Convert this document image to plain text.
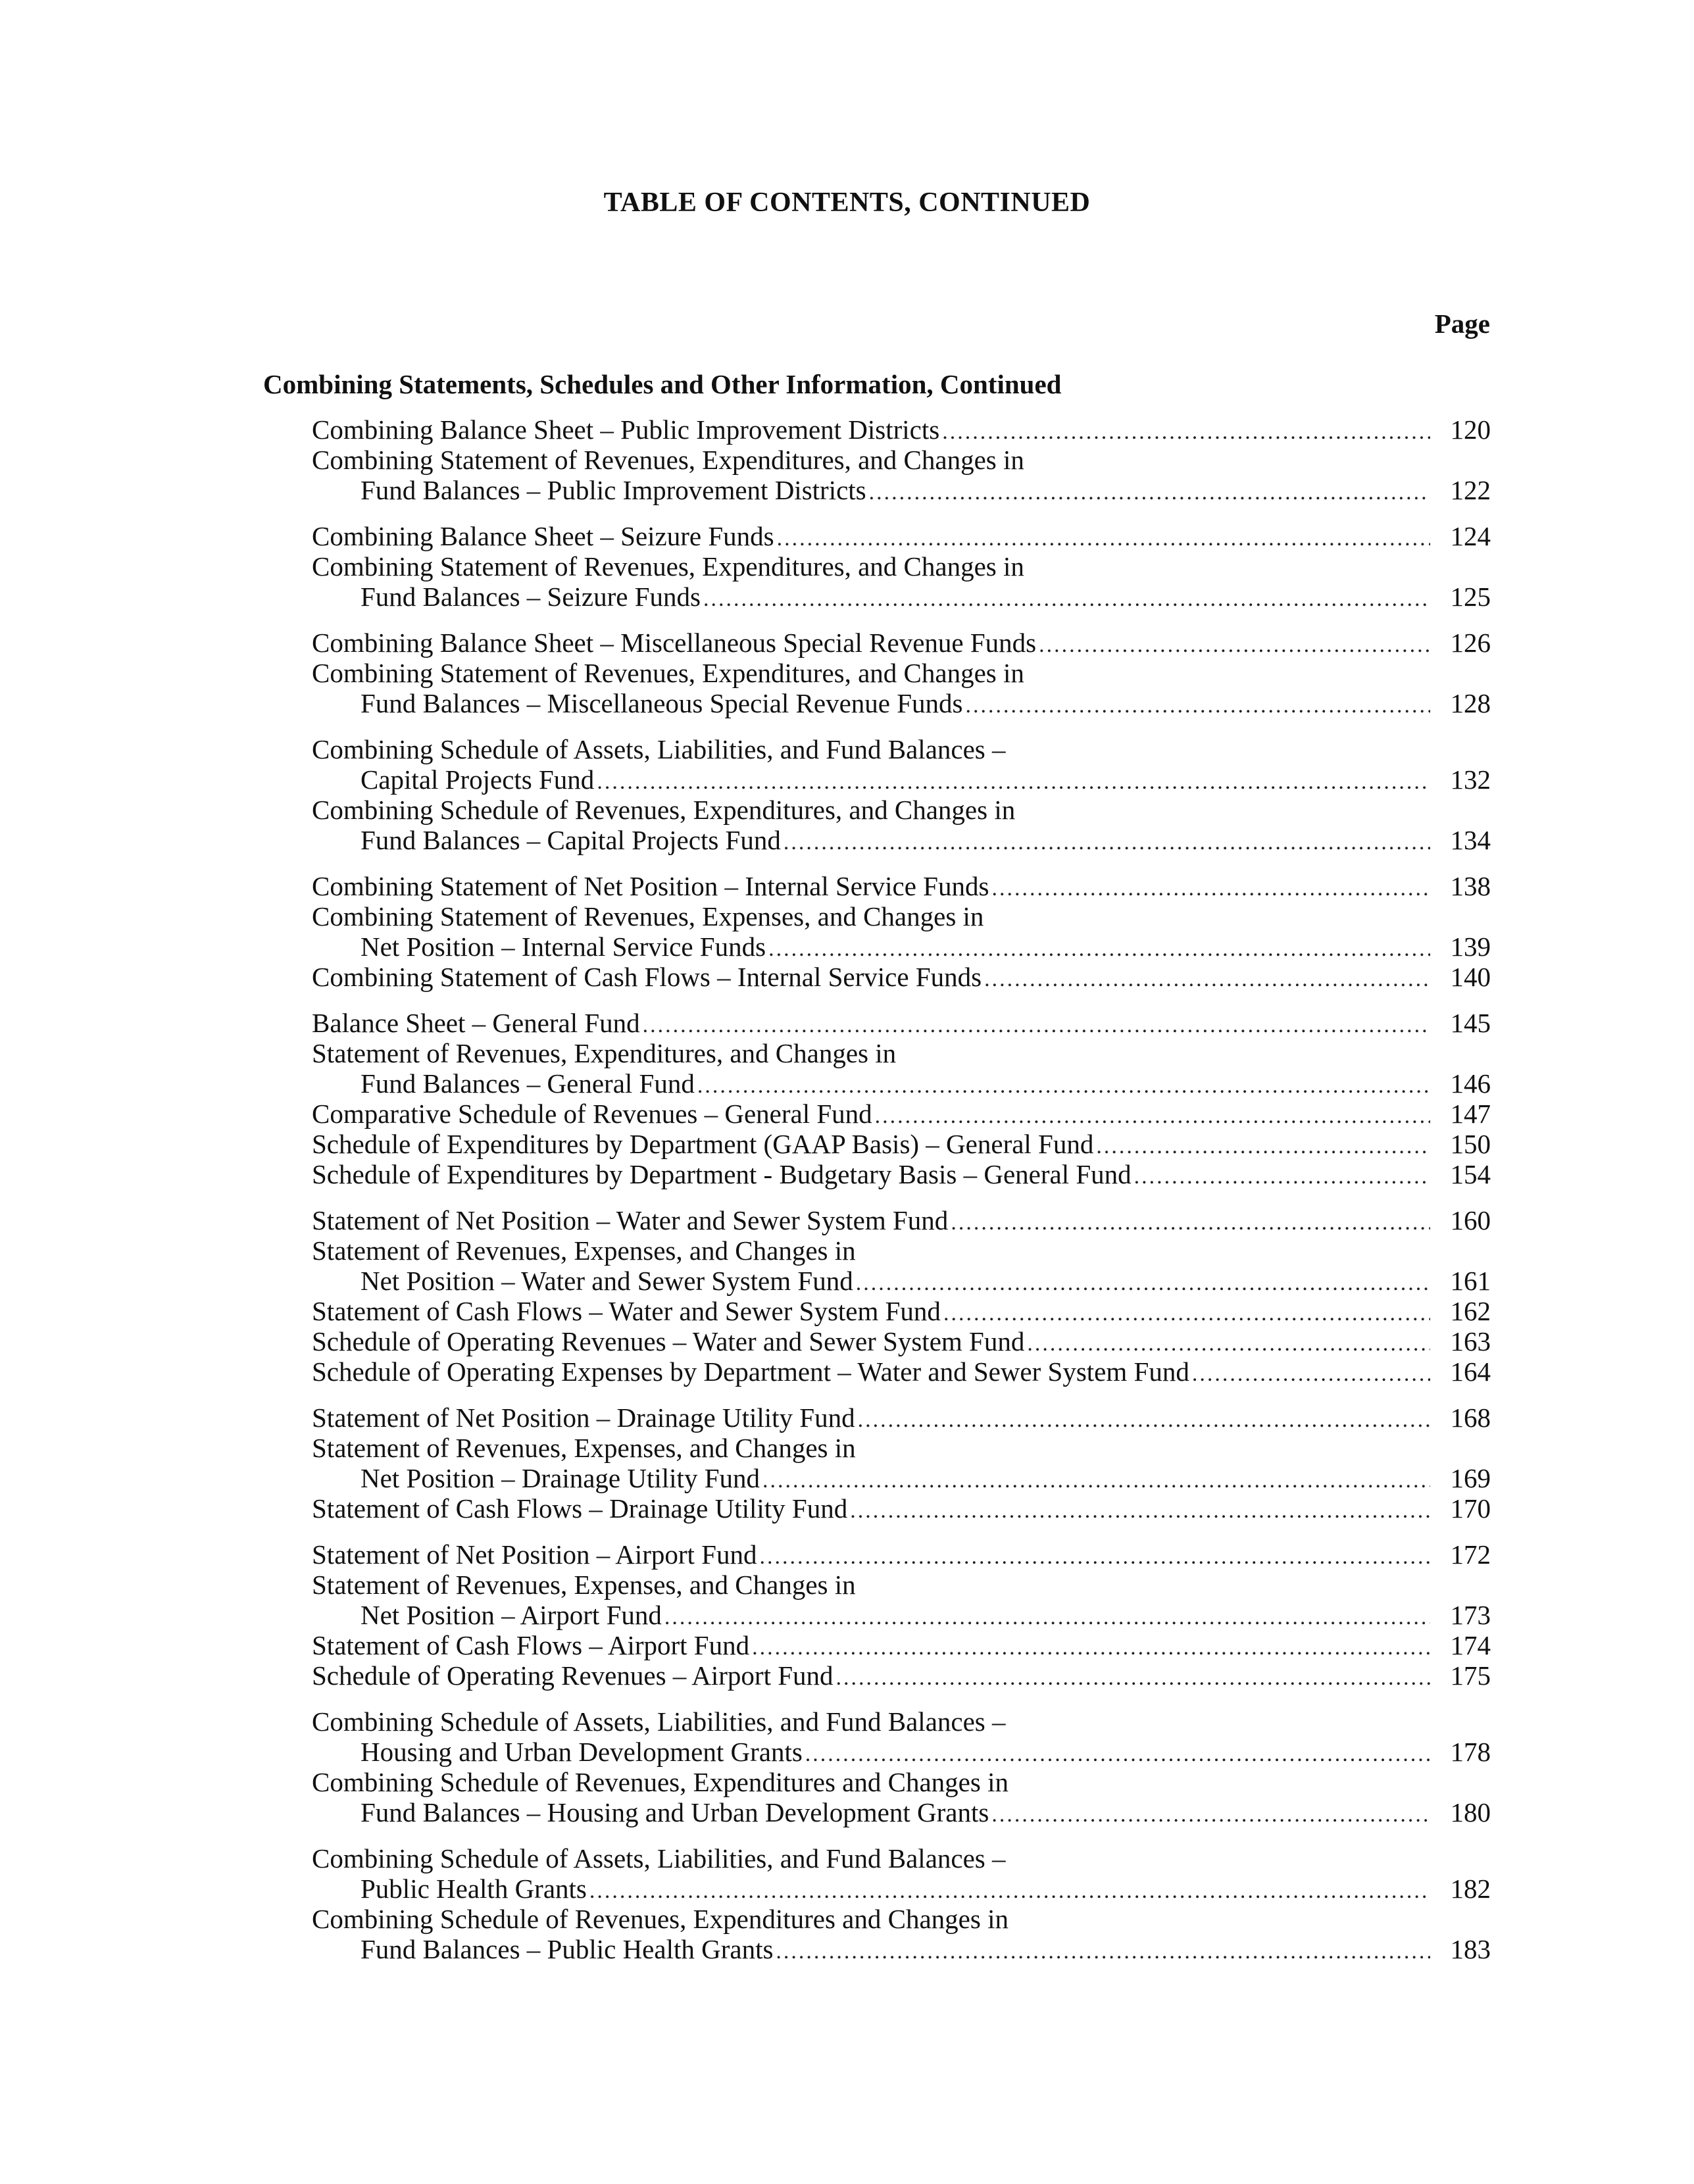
TABLE OF CONTENTS, CONTINUED
Page
Combining Statements, Schedules and Other Information, Continued
Combining Balance Sheet – Public Improvement Districts .....	120
Combining Statement of Revenues, Expenditures, and Changes in
Fund Balances – Public Improvement Districts .....	122
Combining Balance Sheet – Seizure Funds .....	124
Combining Statement of Revenues, Expenditures, and Changes in
Fund Balances – Seizure Funds .....	125
Combining Balance Sheet – Miscellaneous Special Revenue Funds .....	126
Combining Statement of Revenues, Expenditures, and Changes in
Fund Balances – Miscellaneous Special Revenue Funds .....	128
Combining Schedule of Assets, Liabilities, and Fund Balances –
Capital Projects Fund .....	132
Combining Schedule of Revenues, Expenditures, and Changes in
Fund Balances – Capital Projects Fund .....	134
Combining Statement of Net Position – Internal Service Funds .....	138
Combining Statement of Revenues, Expenses, and Changes in
Net Position – Internal Service Funds .....	139
Combining Statement of Cash Flows – Internal Service Funds .....	140
Balance Sheet – General Fund .....	145
Statement of Revenues, Expenditures, and Changes in
Fund Balances – General Fund .....	146
Comparative Schedule of Revenues – General Fund .....	147
Schedule of Expenditures by Department (GAAP Basis) – General Fund .....	150
Schedule of Expenditures by Department - Budgetary Basis – General Fund .....	154
Statement of Net Position – Water and Sewer System Fund .....	160
Statement of Revenues, Expenses, and Changes in
Net Position – Water and Sewer System Fund .....	161
Statement of Cash Flows – Water and Sewer System Fund .....	162
Schedule of Operating Revenues – Water and Sewer System Fund .....	163
Schedule of Operating Expenses by Department – Water and Sewer System Fund .....	164
Statement of Net Position – Drainage Utility Fund .....	168
Statement of Revenues, Expenses, and Changes in
Net Position – Drainage Utility Fund .....	169
Statement of Cash Flows – Drainage Utility Fund .....	170
Statement of Net Position – Airport Fund .....	172
Statement of Revenues, Expenses, and Changes in
Net Position – Airport Fund .....	173
Statement of Cash Flows – Airport Fund .....	174
Schedule of Operating Revenues – Airport Fund .....	175
Combining Schedule of Assets, Liabilities, and Fund Balances –
Housing and Urban Development Grants .....	178
Combining Schedule of Revenues, Expenditures and Changes in
Fund Balances – Housing and Urban Development Grants .....	180
Combining Schedule of Assets, Liabilities, and Fund Balances –
Public Health Grants .....	182
Combining Schedule of Revenues, Expenditures and Changes in
Fund Balances – Public Health Grants .....	183
